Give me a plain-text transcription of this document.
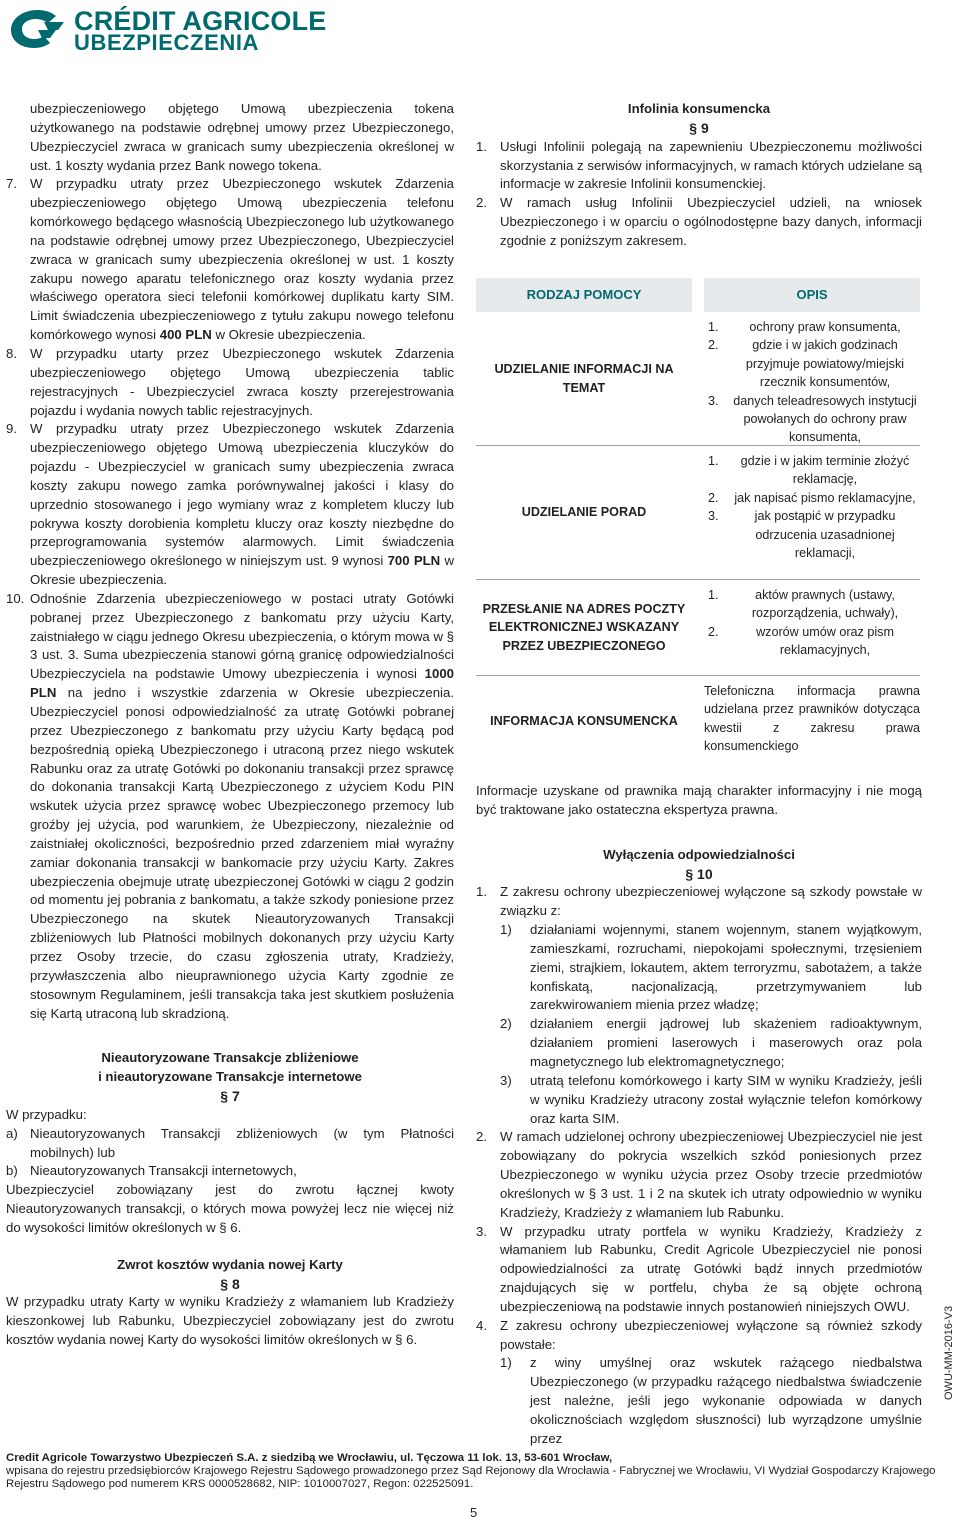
CRÉDIT AGRICOLE
UBEZPIECZENIA
ubezpieczeniowego objętego Umową ubezpieczenia tokena użytkowanego na podstawie odrębnej umowy przez Ubezpieczonego, Ubezpieczyciel zwraca w granicach sumy ubezpieczenia określonej w ust. 1 koszty wydania przez Bank nowego tokena.
7. W przypadku utraty przez Ubezpieczonego wskutek Zdarzenia ubezpieczeniowego objętego Umową ubezpieczenia telefonu komórkowego będącego własnością Ubezpieczonego lub użytkowanego na podstawie odrębnej umowy przez Ubezpieczonego, Ubezpieczyciel zwraca w granicach sumy ubezpieczenia określonej w ust. 1 koszty zakupu nowego aparatu telefonicznego oraz koszty wydania przez właściwego operatora sieci telefonii komórkowej duplikatu karty SIM. Limit świadczenia ubezpieczeniowego z tytułu zakupu nowego telefonu komórkowego wynosi 400 PLN w Okresie ubezpieczenia.
8. W przypadku utarty przez Ubezpieczonego wskutek Zdarzenia ubezpieczeniowego objętego Umową ubezpieczenia tablic rejestracyjnych - Ubezpieczyciel zwraca koszty przerejestrowania pojazdu i wydania nowych tablic rejestracyjnych.
9. W przypadku utraty przez Ubezpieczonego wskutek Zdarzenia ubezpieczeniowego objętego Umową ubezpieczenia kluczyków do pojazdu - Ubezpieczyciel w granicach sumy ubezpieczenia zwraca koszty zakupu nowego zamka porównywalnej jakości i klasy do uprzednio stosowanego i jego wymiany wraz z kompletem kluczy lub pokrywa koszty dorobienia kompletu kluczy oraz koszty niezbędne do przeprogramowania systemów alarmowych. Limit świadczenia ubezpieczeniowego określonego w niniejszym ust. 9 wynosi 700 PLN w Okresie ubezpieczenia.
10. Odnośnie Zdarzenia ubezpieczeniowego w postaci utraty Gotówki pobranej przez Ubezpieczonego z bankomatu przy użyciu Karty, zaistniałego w ciągu jednego Okresu ubezpieczenia, o którym mowa w § 3 ust. 3. Suma ubezpieczenia stanowi górną granicę odpowiedzialności Ubezpieczyciela na podstawie Umowy ubezpieczenia i wynosi 1000 PLN na jedno i wszystkie zdarzenia w Okresie ubezpieczenia. Ubezpieczyciel ponosi odpowiedzialność za utratę Gotówki pobranej przez Ubezpieczonego z bankomatu przy użyciu Karty będącą pod bezpośrednią opieką Ubezpieczonego i utraconą przez niego wskutek Rabunku oraz za utratę Gotówki po dokonaniu transakcji przez sprawcę do dokonania transakcji Kartą Ubezpieczonego z użyciem Kodu PIN wskutek użycia przez sprawcę wobec Ubezpieczonego przemocy lub groźby jej użycia, pod warunkiem, że Ubezpieczony, niezależnie od zaistniałej okoliczności, bezpośrednio przed zdarzeniem miał wyraźny zamiar dokonania transakcji w bankomacie przy użyciu Karty. Zakres ubezpieczenia obejmuje utratę ubezpieczonej Gotówki w ciągu 2 godzin od momentu jej pobrania z bankomatu, a także szkody poniesione przez Ubezpieczonego na skutek Nieautoryzowanych Transakcji zbliżeniowych lub Płatności mobilnych dokonanych przy użyciu Karty przez Osoby trzecie, do czasu zgłoszenia utraty, Kradzieży, przywłaszczenia albo nieuprawnionego użycia Karty zgodnie ze stosownym Regulaminem, jeśli transakcja taka jest skutkiem posłużenia się Kartą utraconą lub skradzioną.
Nieautoryzowane Transakcje zbliżeniowe
i nieautoryzowane Transakcje internetowe
§ 7
W przypadku:
a) Nieautoryzowanych Transakcji zbliżeniowych (w tym Płatności mobilnych) lub
b) Nieautoryzowanych Transakcji internetowych,
Ubezpieczyciel zobowiązany jest do zwrotu łącznej kwoty Nieautoryzowanych transakcji, o których mowa powyżej lecz nie więcej niż do wysokości limitów określonych w § 6.
Zwrot kosztów wydania nowej Karty
§ 8
W przypadku utraty Karty w wyniku Kradzieży z włamaniem lub Kradzieży kieszonkowej lub Rabunku, Ubezpieczyciel zobowiązany jest do zwrotu kosztów wydania nowej Karty do wysokości limitów określonych w § 6.
Infolinia konsumencka
§ 9
1. Usługi Infolinii polegają na zapewnieniu Ubezpieczonemu możliwości skorzystania z serwisów informacyjnych, w ramach których udzielane są informacje w zakresie Infolinii konsumenckiej.
2. W ramach usług Infolinii Ubezpieczyciel udzieli, na wniosek Ubezpieczonego i w oparciu o ogólnodostępne bazy danych, informacji zgodnie z poniższym zakresem.
RODZAJ POMOCY	OPIS
UDZIELANIE INFORMACJI NA TEMAT
1. ochrony praw konsumenta,
2.	gdzie i w jakich godzinach przyjmuje powiatowy/miejski rzecznik konsumentów,
3. danych teleadresowych instytucji powołanych do ochrony praw konsumenta,
UDZIELANIE PORAD
1. gdzie i w jakim terminie złożyć reklamację,
2. jak napisać pismo reklamacyjne,
3.	jak postąpić w przypadku odrzucenia uzasadnionej reklamacji,
PRZESŁANIE NA ADRES POCZTY ELEKTRONICZNEJ WSKAZANY PRZEZ UBEZPIECZONEGO
1.	aktów prawnych (ustawy, rozporządzenia, uchwały),
2.	wzorów umów oraz pism reklamacyjnych,
INFORMACJA KONSUMENCKA
Telefoniczna informacja prawna udzielana przez prawników dotycząca kwestii z zakresu prawa konsumenckiego
Informacje uzyskane od prawnika mają charakter informacyjny i nie mogą być traktowane jako ostateczna ekspertyza prawna.
Wyłączenia odpowiedzialności
§ 10
1. Z zakresu ochrony ubezpieczeniowej wyłączone są szkody powstałe w związku z:
1) działaniami wojennymi, stanem wojennym, stanem wyjątkowym, zamieszkami, rozruchami, niepokojami społecznymi, trzęsieniem ziemi, strajkiem, lokautem, aktem terroryzmu, sabotażem, a także konfiskatą, nacjonalizacją, przetrzymywaniem lub zarekwirowaniem mienia przez władzę;
2) działaniem energii jądrowej lub skażeniem radioaktywnym, działaniem promieni laserowych i maserowych oraz pola magnetycznego lub elektromagnetycznego;
3) utratą telefonu komórkowego i karty SIM w wyniku Kradzieży, jeśli w wyniku Kradzieży utracony został wyłącznie telefon komórkowy oraz karta SIM.
2. W ramach udzielonej ochrony ubezpieczeniowej Ubezpieczyciel nie jest zobowiązany do pokrycia wszelkich szkód poniesionych przez Ubezpieczonego w wyniku użycia przez Osoby trzecie przedmiotów określonych w § 3 ust. 1 i 2 na skutek ich utraty odpowiednio w wyniku Kradzieży, Kradzieży z włamaniem lub Rabunku.
3. W przypadku utraty portfela w wyniku Kradzieży, Kradzieży z włamaniem lub Rabunku, Credit Agricole Ubezpieczyciel nie ponosi odpowiedzialności za utratę Gotówki bądź innych przedmiotów znajdujących się w portfelu, chyba że są objęte ochroną ubezpieczeniową na podstawie innych postanowień niniejszych OWU.
4. Z zakresu ochrony ubezpieczeniowej wyłączone są również szkody powstałe:
1) z winy umyślnej oraz wskutek rażącego niedbalstwa Ubezpieczonego (w przypadku rażącego niedbalstwa świadczenie jest należne, jeśli jego wykonanie odpowiada w danych okolicznościach względom słuszności) lub wyrządzone umyślnie przez
Credit Agricole Towarzystwo Ubezpieczeń S.A. z siedzibą we Wrocławiu, ul. Tęczowa 11 lok. 13, 53-601 Wrocław,
wpisana do rejestru przedsiębiorców Krajowego Rejestru Sądowego prowadzonego przez Sąd Rejonowy dla Wrocławia - Fabrycznej we Wrocławiu, VI Wydział Gospodarczy Krajowego
Rejestru Sądowego pod numerem KRS 0000528682, NIP: 1010007027, Regon: 022525091.
5
OWU-MM-2016-V3
